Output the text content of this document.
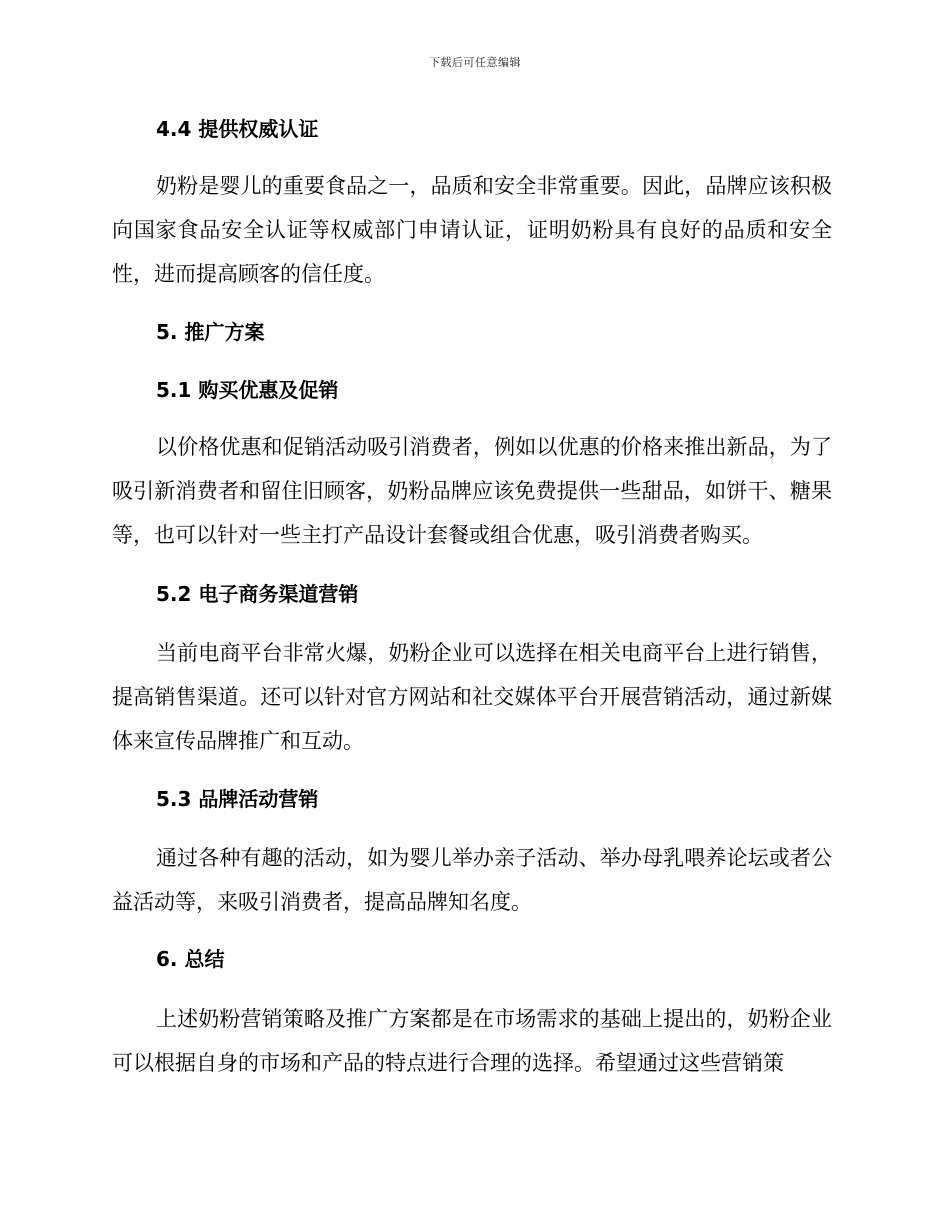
下载后可任意编辑
4.4 提供权威认证
奶粉是婴儿的重要食品之一，品质和安全非常重要。因此，品牌应该积极向国家食品安全认证等权威部门申请认证，证明奶粉具有良好的品质和安全性，进而提高顾客的信任度。
5. 推广方案
5.1 购买优惠及促销
以价格优惠和促销活动吸引消费者，例如以优惠的价格来推出新品，为了吸引新消费者和留住旧顾客，奶粉品牌应该免费提供一些甜品，如饼干、糖果等，也可以针对一些主打产品设计套餐或组合优惠，吸引消费者购买。
5.2 电子商务渠道营销
当前电商平台非常火爆，奶粉企业可以选择在相关电商平台上进行销售，提高销售渠道。还可以针对官方网站和社交媒体平台开展营销活动，通过新媒体来宣传品牌推广和互动。
5.3 品牌活动营销
通过各种有趣的活动，如为婴儿举办亲子活动、举办母乳喂养论坛或者公益活动等，来吸引消费者，提高品牌知名度。
6. 总结
上述奶粉营销策略及推广方案都是在市场需求的基础上提出的，奶粉企业可以根据自身的市场和产品的特点进行合理的选择。希望通过这些营销策
